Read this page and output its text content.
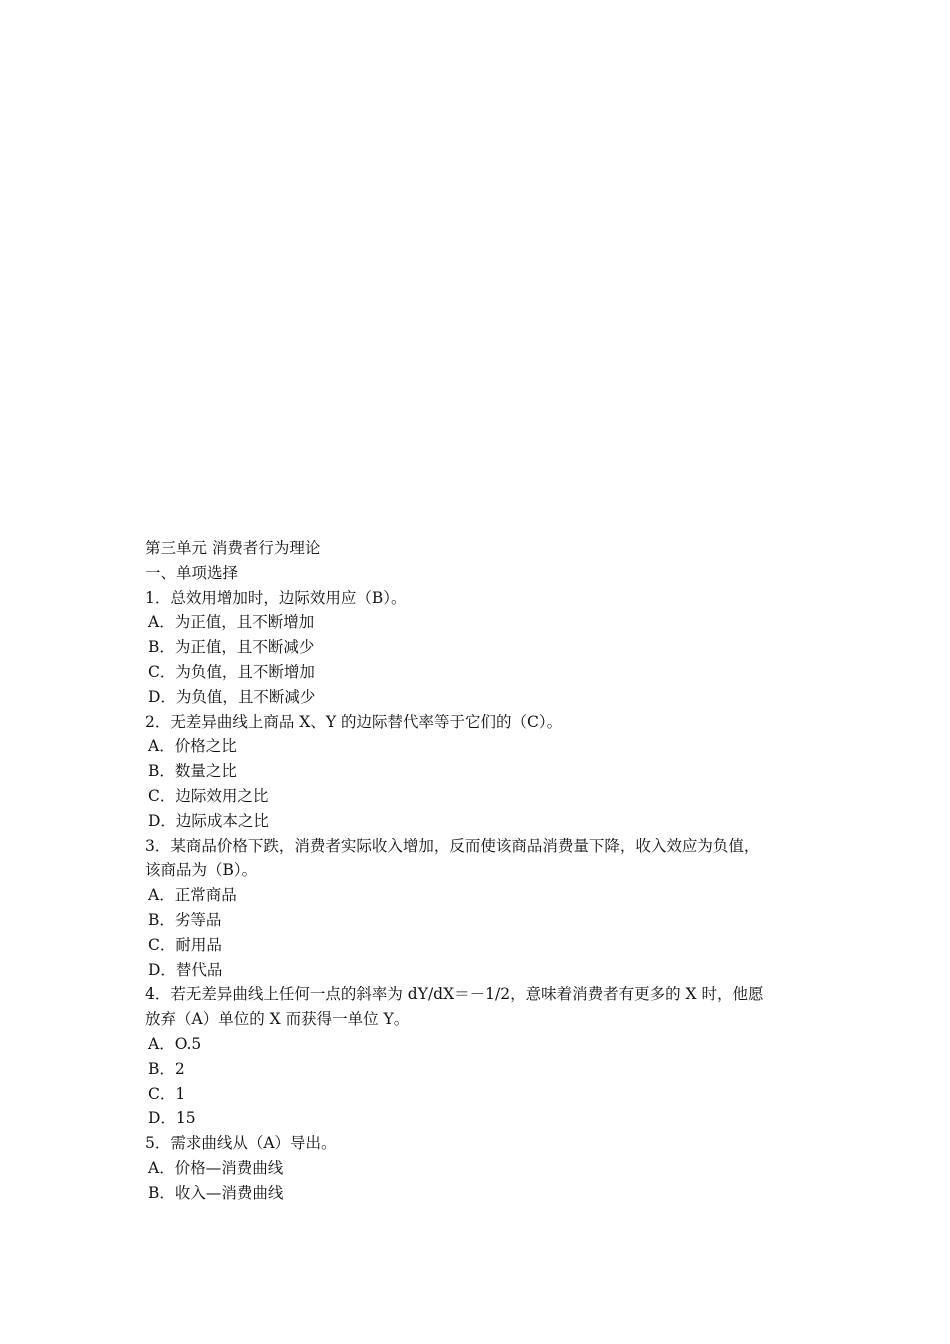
第三单元 消费者行为理论
一、单项选择
1．总效用增加时，边际效用应（B）。
A．为正值，且不断增加
B．为正值，且不断减少
C．为负值，且不断增加
D．为负值，且不断减少
2．无差异曲线上商品 X、Y 的边际替代率等于它们的（C）。
A．价格之比
B．数量之比
C．边际效用之比
D．边际成本之比
3．某商品价格下跌，消费者实际收入增加，反而使该商品消费量下降，收入效应为负值，
该商品为（B）。
A．正常商品
B．劣等品
C．耐用品
D．替代品
4．若无差异曲线上任何一点的斜率为 dY/dX＝－1/2，意味着消费者有更多的 X 时，他愿
放弃（A）单位的 X 而获得一单位 Y。
A．O.5
B．2
C．1
D．15
5．需求曲线从（A）导出。
A．价格—消费曲线
B．收入—消费曲线
